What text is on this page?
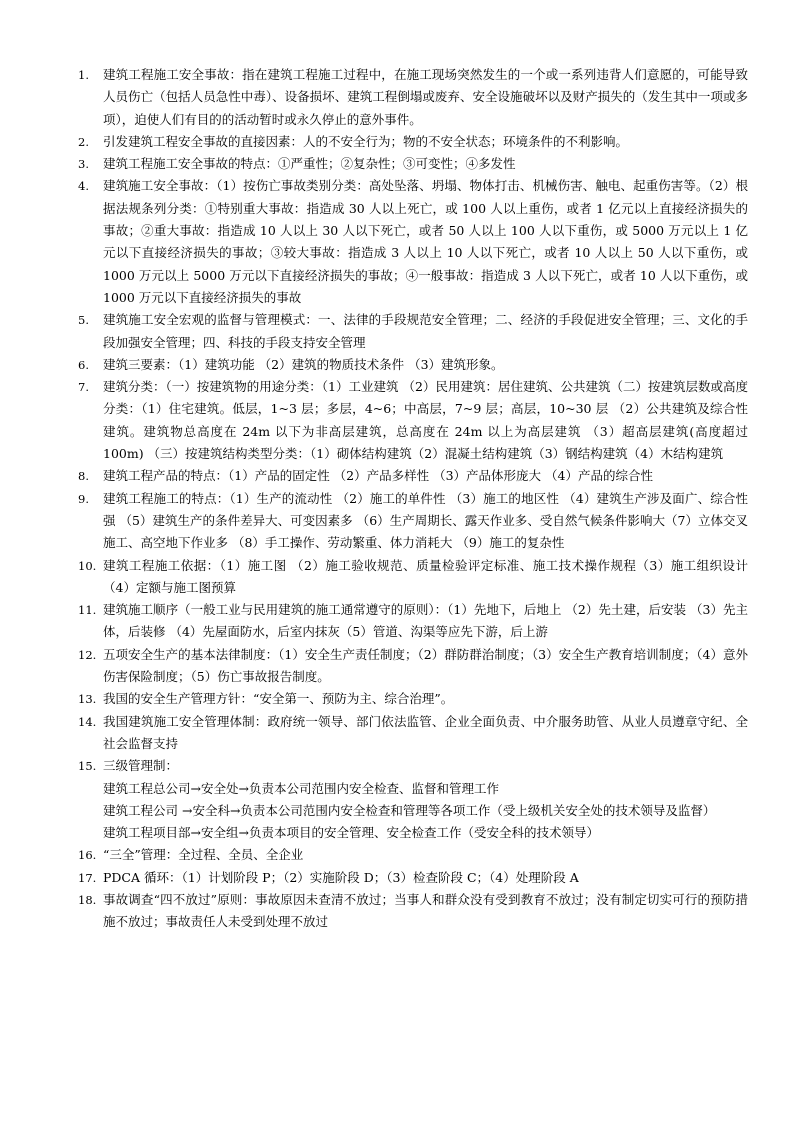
1.	建筑工程施工安全事故：指在建筑工程施工过程中，在施工现场突然发生的一个或一系列违背人们意愿的，可能导致人员伤亡（包括人员急性中毒）、设备损坏、建筑工程倒塌或废弃、安全设施破坏以及财产损失的（发生其中一项或多项），迫使人们有目的的活动暂时或永久停止的意外事件。
2.	引发建筑工程安全事故的直接因素：人的不安全行为；物的不安全状态；环境条件的不利影响。
3.	建筑工程施工安全事故的特点：①严重性；②复杂性；③可变性；④多发性
4.	建筑施工安全事故：（1）按伤亡事故类别分类：高处坠落、坍塌、物体打击、机械伤害、触电、起重伤害等。（2）根据法规条列分类：①特别重大事故：指造成 30 人以上死亡，或 100 人以上重伤，或者 1 亿元以上直接经济损失的事故；②重大事故：指造成 10 人以上 30 人以下死亡，或者 50 人以上 100 人以下重伤，或 5000 万元以上 1 亿元以下直接经济损失的事故；③较大事故：指造成 3 人以上 10 人以下死亡，或者 10 人以上 50 人以下重伤，或 1000 万元以上 5000 万元以下直接经济损失的事故；④一般事故：指造成 3 人以下死亡，或者 10 人以下重伤，或 1000 万元以下直接经济损失的事故
5.	建筑施工安全宏观的监督与管理模式：一、法律的手段规范安全管理；二、经济的手段促进安全管理；三、文化的手段加强安全管理；四、科技的手段支持安全管理
6.	建筑三要素：（1）建筑功能 （2）建筑的物质技术条件 （3）建筑形象。
7.	建筑分类：（一）按建筑物的用途分类：（1）工业建筑 （2）民用建筑：居住建筑、公共建筑（二）按建筑层数或高度分类：（1）住宅建筑。低层，1~3 层；多层，4~6；中高层，7~9 层；高层，10~30 层 （2）公共建筑及综合性建筑。建筑物总高度在 24m 以下为非高层建筑，总高度在 24m 以上为高层建筑 （3）超高层建筑(高度超过 100m) （三）按建筑结构类型分类：（1）砌体结构建筑（2）混凝土结构建筑（3）钢结构建筑（4）木结构建筑
8.	建筑工程产品的特点：（1）产品的固定性 （2）产品多样性 （3）产品体形庞大 （4）产品的综合性
9.	建筑工程施工的特点：（1）生产的流动性 （2）施工的单件性 （3）施工的地区性 （4）建筑生产涉及面广、综合性强 （5）建筑生产的条件差异大、可变因素多 （6）生产周期长、露天作业多、受自然气候条件影响大（7）立体交叉施工、高空地下作业多 （8）手工操作、劳动繁重、体力消耗大 （9）施工的复杂性
10. 建筑工程施工依据：（1）施工图 （2）施工验收规范、质量检验评定标准、施工技术操作规程（3）施工组织设计 （4）定额与施工图预算
11. 建筑施工顺序（一般工业与民用建筑的施工通常遵守的原则）：（1）先地下，后地上 （2）先土建，后安装 （3）先主体，后装修 （4）先屋面防水，后室内抹灰（5）管道、沟渠等应先下游，后上游
12. 五项安全生产的基本法律制度：（1）安全生产责任制度；（2）群防群治制度；（3）安全生产教育培训制度；（4）意外伤害保险制度；（5）伤亡事故报告制度。
13. 我国的安全生产管理方针：“安全第一、预防为主、综合治理”。
14. 我国建筑施工安全管理体制：政府统一领导、部门依法监管、企业全面负责、中介服务助管、从业人员遵章守纪、全社会监督支持
15. 三级管理制：
建筑工程总公司→安全处→负责本公司范围内安全检查、监督和管理工作
建筑工程公司 →安全科→负责本公司范围内安全检查和管理等各项工作（受上级机关安全处的技术领导及监督）
建筑工程项目部→安全组→负责本项目的安全管理、安全检查工作（受安全科的技术领导）
16. “三全”管理：全过程、全员、全企业
17. PDCA 循环：（1）计划阶段 P；（2）实施阶段 D；（3）检查阶段 C；（4）处理阶段 A
18. 事故调查“四不放过”原则：事故原因未查清不放过；当事人和群众没有受到教育不放过；没有制定切实可行的预防措施不放过；事故责任人未受到处理不放过
